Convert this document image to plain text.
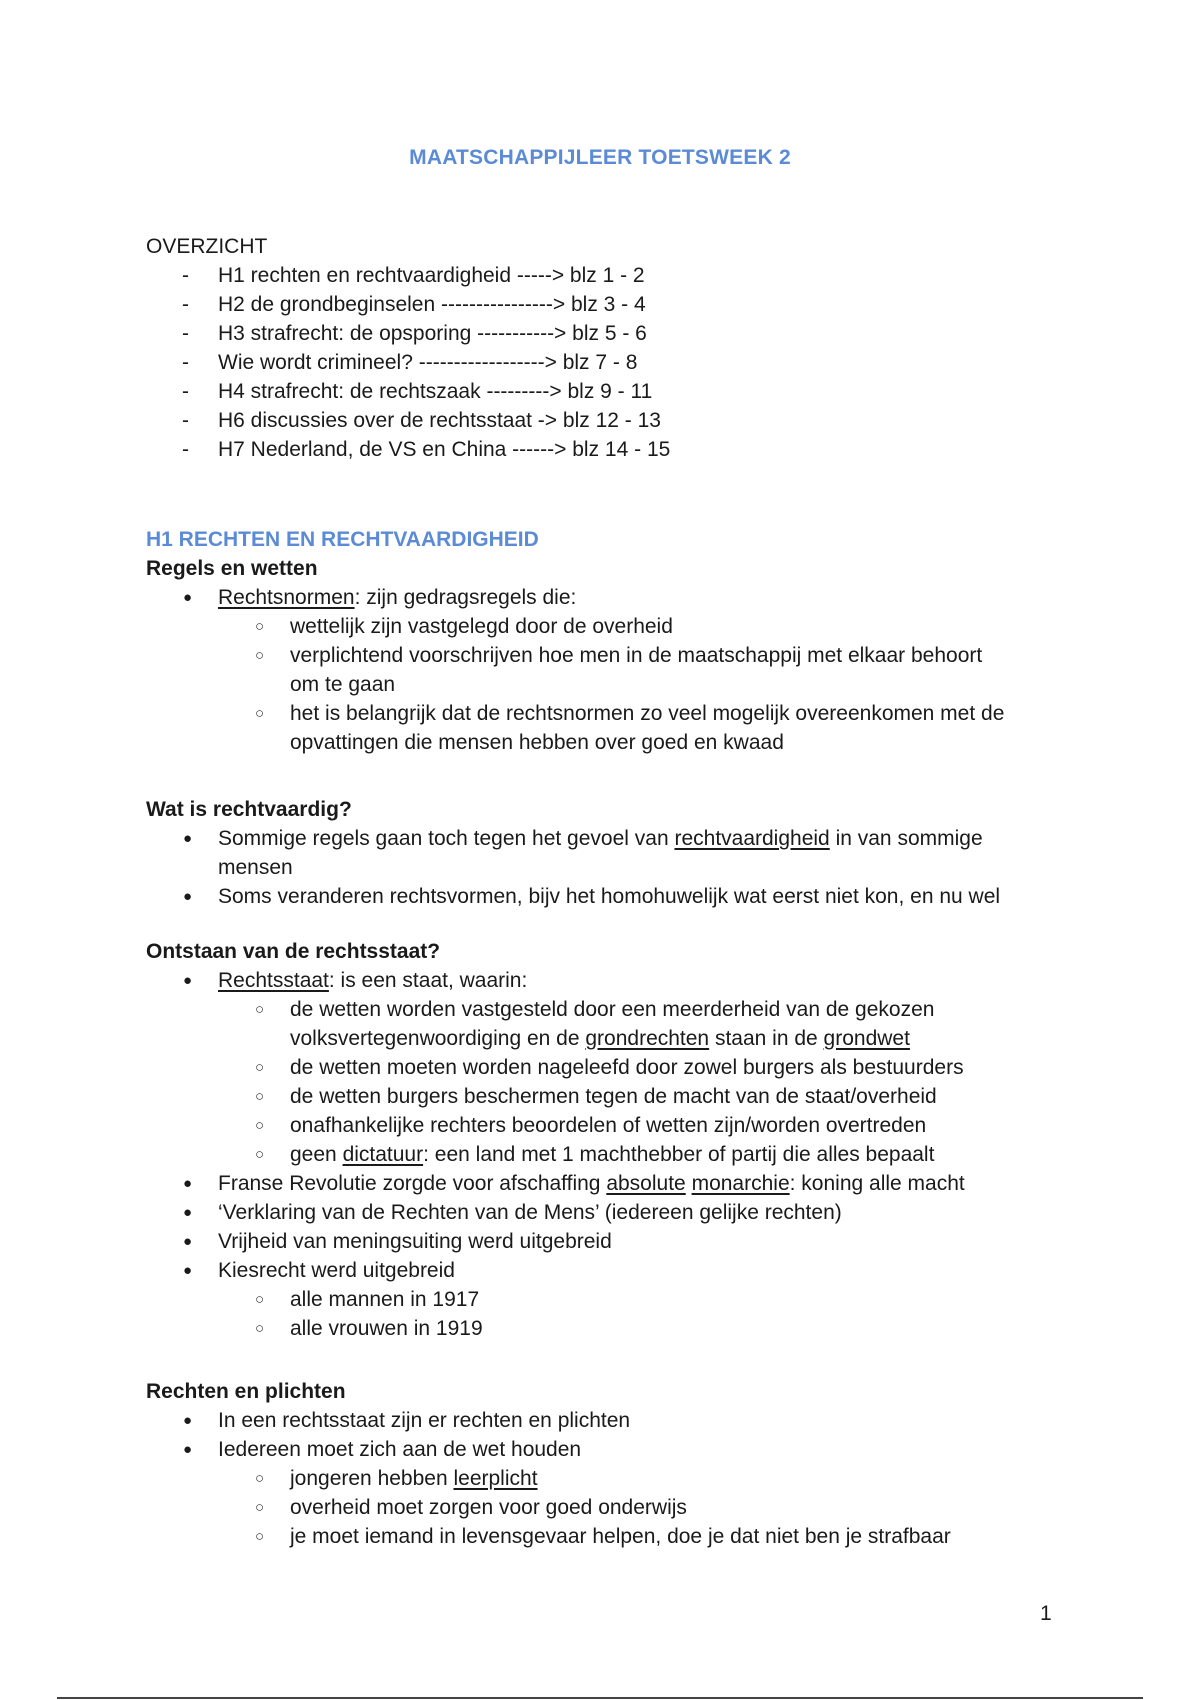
MAATSCHAPPIJLEER TOETSWEEK 2
OVERZICHT
- H1 rechten en rechtvaardigheid -----> blz 1 - 2
- H2 de grondbeginselen ----------------> blz 3 - 4
- H3 strafrecht: de opsporing -----------> blz 5 - 6
- Wie wordt crimineel? ------------------> blz 7 - 8
- H4 strafrecht: de rechtszaak ---------> blz 9 - 11
- H6 discussies over de rechtsstaat -> blz 12 - 13
- H7 Nederland, de VS en China ------> blz 14 - 15
H1 RECHTEN EN RECHTVAARDIGHEID
Regels en wetten
● Rechtsnormen: zijn gedragsregels die:
○ wettelijk zijn vastgelegd door de overheid
○ verplichtend voorschrijven hoe men in de maatschappij met elkaar behoort
om te gaan
○ het is belangrijk dat de rechtsnormen zo veel mogelijk overeenkomen met de
opvattingen die mensen hebben over goed en kwaad
Wat is rechtvaardig?
● Sommige regels gaan toch tegen het gevoel van rechtvaardigheid in van sommige
mensen
● Soms veranderen rechtsvormen, bijv het homohuwelijk wat eerst niet kon, en nu wel
Ontstaan van de rechtsstaat?
● Rechtsstaat: is een staat, waarin:
○ de wetten worden vastgesteld door een meerderheid van de gekozen
volksvertegenwoordiging en de grondrechten staan in de grondwet
○ de wetten moeten worden nageleefd door zowel burgers als bestuurders
○ de wetten burgers beschermen tegen de macht van de staat/overheid
○ onafhankelijke rechters beoordelen of wetten zijn/worden overtreden
○ geen dictatuur: een land met 1 machthebber of partij die alles bepaalt
● Franse Revolutie zorgde voor afschaffing absolute monarchie: koning alle macht
● ‘Verklaring van de Rechten van de Mens’ (iedereen gelijke rechten)
● Vrijheid van meningsuiting werd uitgebreid
● Kiesrecht werd uitgebreid
○ alle mannen in 1917
○ alle vrouwen in 1919
Rechten en plichten
● In een rechtsstaat zijn er rechten en plichten
● Iedereen moet zich aan de wet houden
○ jongeren hebben leerplicht
○ overheid moet zorgen voor goed onderwijs
○ je moet iemand in levensgevaar helpen, doe je dat niet ben je strafbaar
1
